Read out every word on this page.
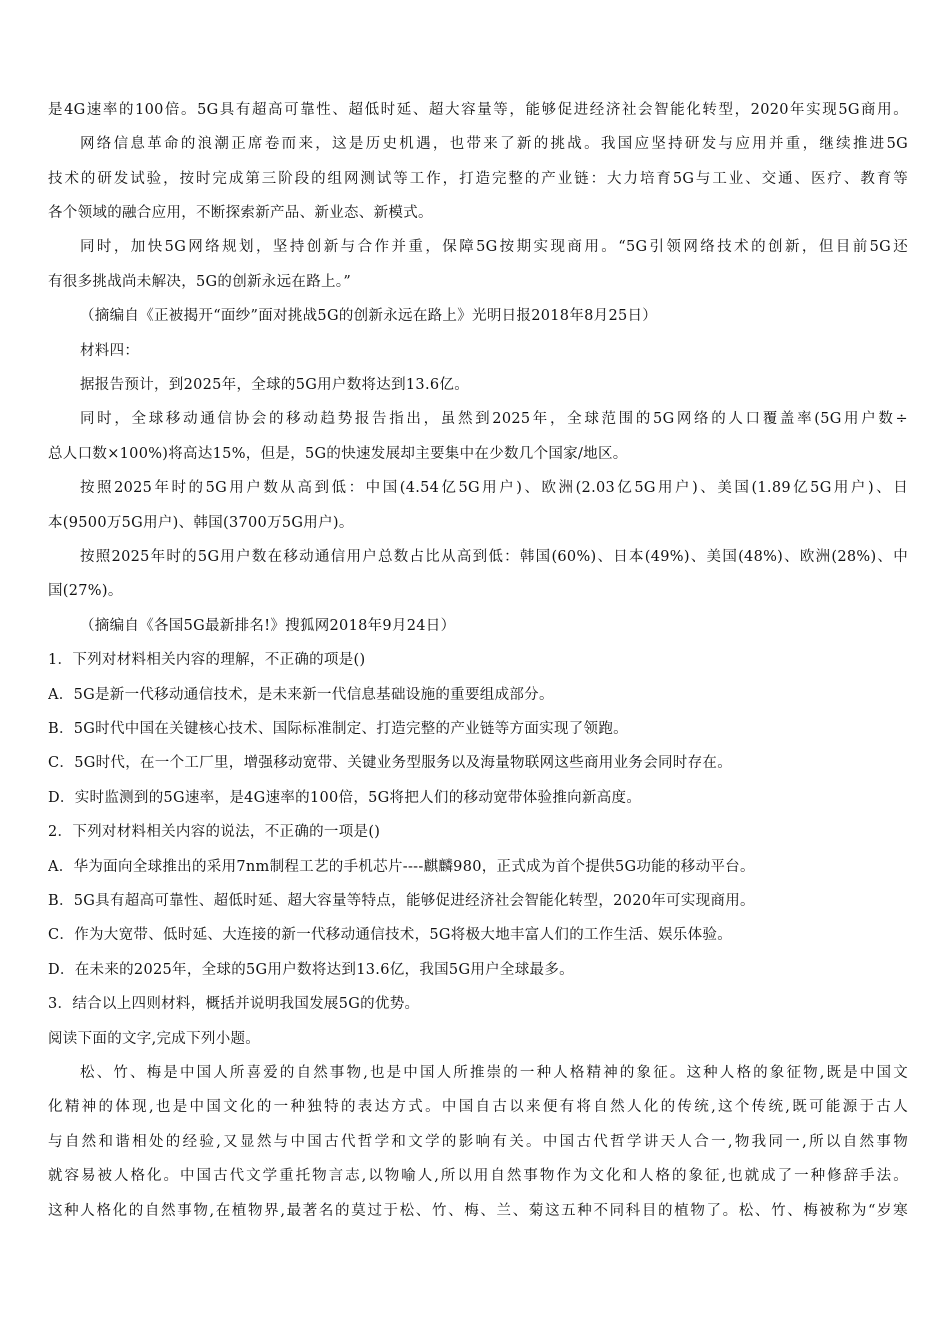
是4G速率的100倍。5G具有超高可靠性、超低时延、超大容量等，能够促进经济社会智能化转型，2020年实现5G商用。
网络信息革命的浪潮正席卷而来，这是历史机遇，也带来了新的挑战。我国应坚持研发与应用并重，继续推进5G
技术的研发试验，按时完成第三阶段的组网测试等工作，打造完整的产业链：大力培育5G与工业、交通、医疗、教育等
各个领域的融合应用，不断探索新产品、新业态、新模式。
同时，加快5G网络规划，坚持创新与合作并重，保障5G按期实现商用。“5G引领网络技术的创新，但目前5G还
有很多挑战尚未解决，5G的创新永远在路上。”
（摘编自《正被揭开“面纱”面对挑战5G的创新永远在路上》光明日报2018年8月25日）
材料四：
据报告预计，到2025年，全球的5G用户数将达到13.6亿。
同时，全球移动通信协会的移动趋势报告指出，虽然到2025年，全球范围的5G网络的人口覆盖率(5G用户数÷
总人口数×100%)将高达15%，但是，5G的快速发展却主要集中在少数几个国家/地区。
按照2025年时的5G用户数从高到低：中国(4.54亿5G用户)、欧洲(2.03亿5G用户)、美国(1.89亿5G用户)、日
本(9500万5G用户)、韩国(3700万5G用户)。
按照2025年时的5G用户数在移动通信用户总数占比从高到低：韩国(60%)、日本(49%)、美国(48%)、欧洲(28%)、中
国(27%)。
（摘编自《各国5G最新排名!》搜狐网2018年9月24日）
1．下列对材料相关内容的理解，不正确的项是()
A．5G是新一代移动通信技术，是未来新一代信息基础设施的重要组成部分。
B．5G时代中国在关键核心技术、国际标准制定、打造完整的产业链等方面实现了领跑。
C．5G时代，在一个工厂里，增强移动宽带、关键业务型服务以及海量物联网这些商用业务会同时存在。
D．实时监测到的5G速率，是4G速率的100倍，5G将把人们的移动宽带体验推向新高度。
2．下列对材料相关内容的说法，不正确的一项是()
A．华为面向全球推出的采用7nm制程工艺的手机芯片----麒麟980，正式成为首个提供5G功能的移动平台。
B．5G具有超高可靠性、超低时延、超大容量等特点，能够促进经济社会智能化转型，2020年可实现商用。
C．作为大宽带、低时延、大连接的新一代移动通信技术，5G将极大地丰富人们的工作生活、娱乐体验。
D．在未来的2025年，全球的5G用户数将达到13.6亿，我国5G用户全球最多。
3．结合以上四则材料，概括并说明我国发展5G的优势。
阅读下面的文字,完成下列小题。
松、竹、梅是中国人所喜爱的自然事物,也是中国人所推崇的一种人格精神的象征。这种人格的象征物,既是中国文
化精神的体现,也是中国文化的一种独特的表达方式。中国自古以来便有将自然人化的传统,这个传统,既可能源于古人
与自然和谐相处的经验,又显然与中国古代哲学和文学的影响有关。中国古代哲学讲天人合一,物我同一,所以自然事物
就容易被人格化。中国古代文学重托物言志,以物喻人,所以用自然事物作为文化和人格的象征,也就成了一种修辞手法。
这种人格化的自然事物,在植物界,最著名的莫过于松、竹、梅、兰、菊这五种不同科目的植物了。松、竹、梅被称为“岁寒
